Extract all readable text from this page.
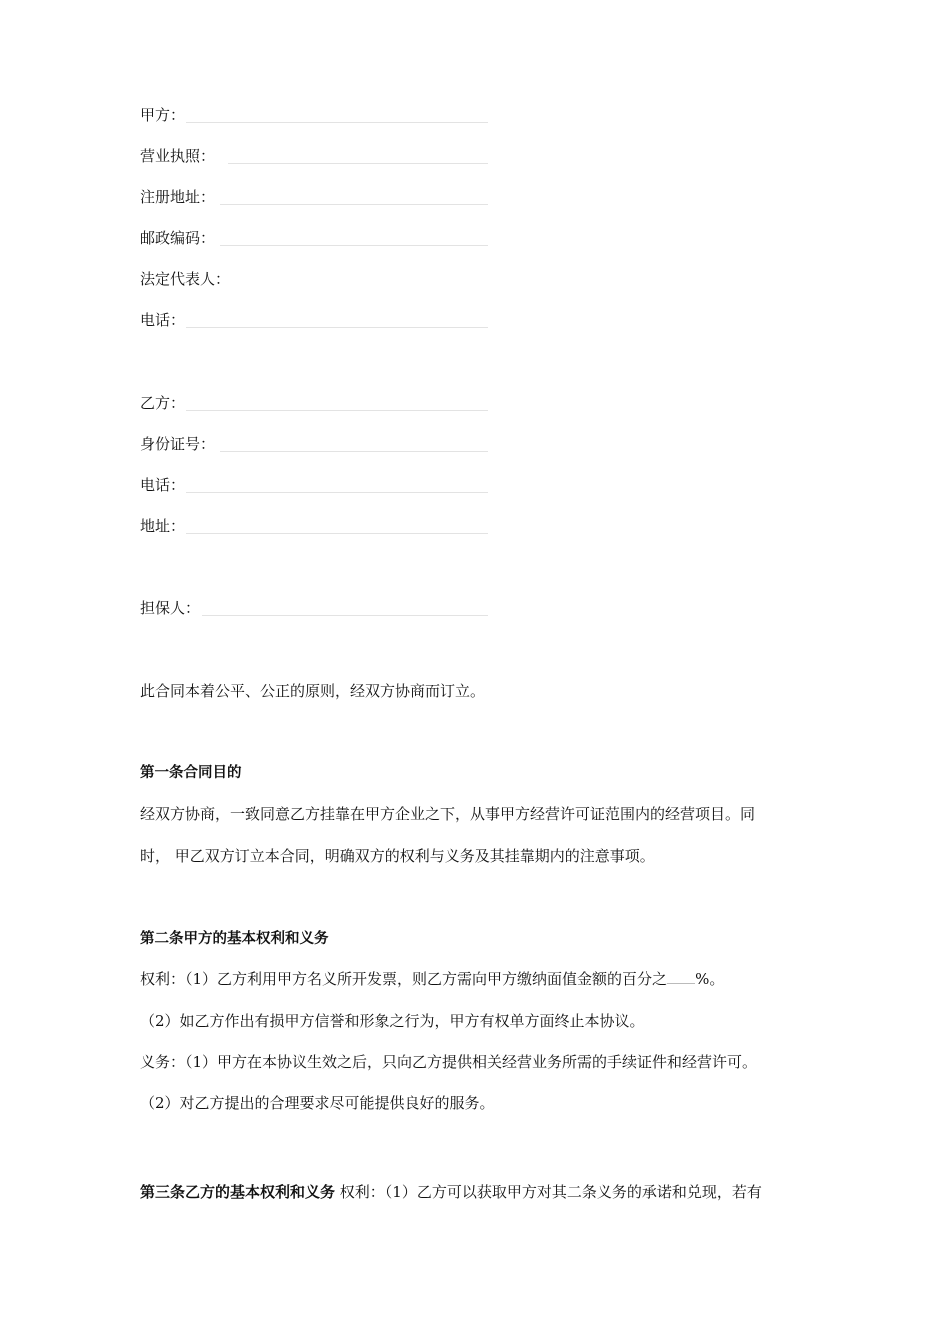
甲方：
营业执照：
注册地址：
邮政编码：
法定代表人：
电话：
乙方：
身份证号：
电话：
地址：
担保人：
此合同本着公平、公正的原则，经双方协商而订立。
第一条合同目的
经双方协商，一致同意乙方挂靠在甲方企业之下，从事甲方经营许可证范围内的经营项目。同
时， 甲乙双方订立本合同，明确双方的权利与义务及其挂靠期内的注意事项。
第二条甲方的基本权利和义务
权利：（1）乙方利用甲方名义所开发票，则乙方需向甲方缴纳面值金额的百分之 %。
（2）如乙方作出有损甲方信誉和形象之行为，甲方有权单方面终止本协议。
义务：（1）甲方在本协议生效之后，只向乙方提供相关经营业务所需的手续证件和经营许可。
（2）对乙方提出的合理要求尽可能提供良好的服务。
第三条乙方的基本权利和义务 权利：（1）乙方可以获取甲方对其二条义务的承诺和兑现，若有
